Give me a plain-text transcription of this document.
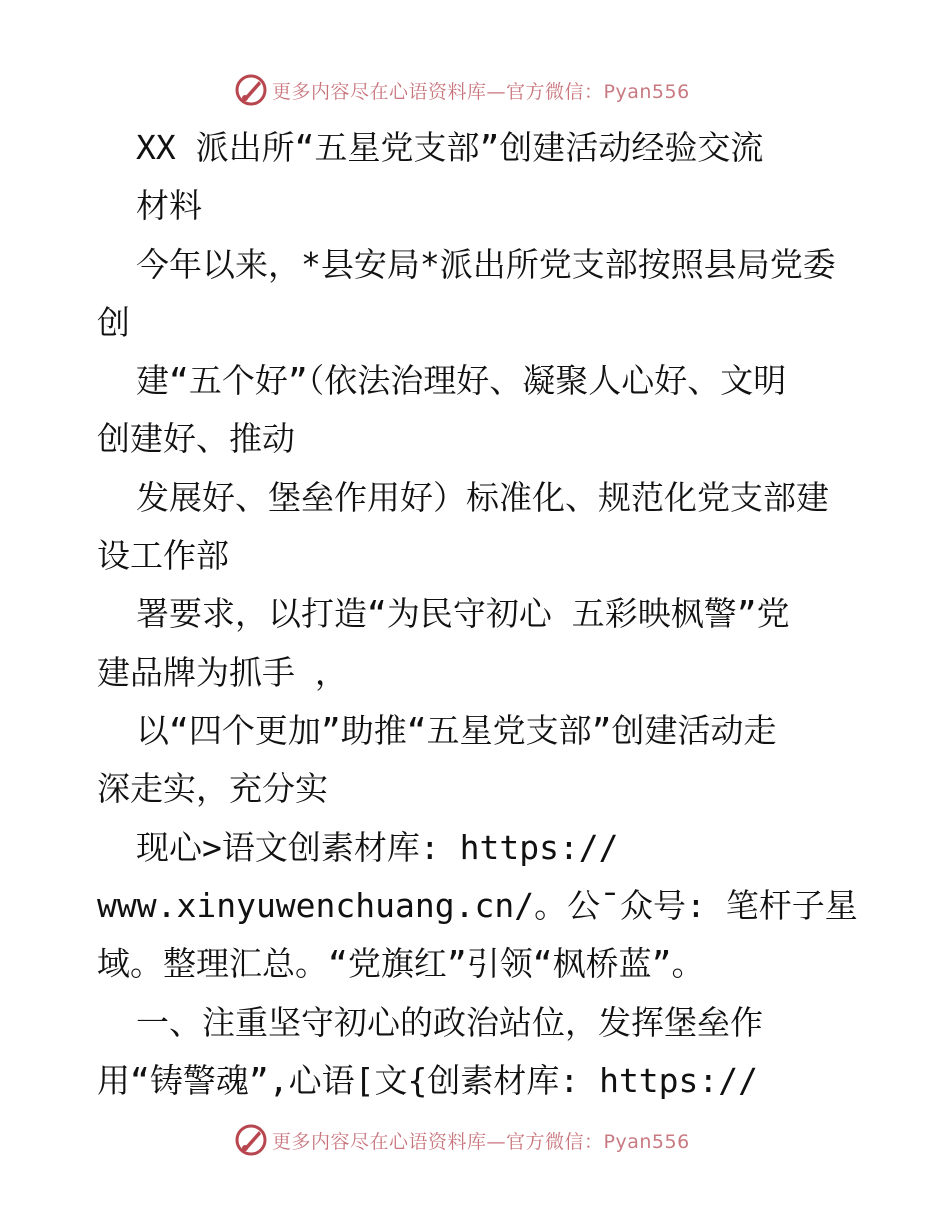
更多内容尽在心语资料库—官方微信：Pyan556
XX 派出所“五星党支部”创建活动经验交流
材料
今年以来，*县安局*派出所党支部按照县局党委
创
建“五个好”（依法治理好、凝聚人心好、文明
创建好、推动
发展好、堡垒作用好）标准化、规范化党支部建
设工作部
署要求，以打造“为民守初心 五彩映枫警”党
建品牌为抓手 ，
以“四个更加”助推“五星党支部”创建活动走
深走实，充分实
现心>语文创素材库: https://
www.xinyuwenchuang.cn/。公¯众号: 笔杆子星
域。整理汇总。“党旗红”引领“枫桥蓝”。
一、注重坚守初心的政治站位，发挥堡垒作
用“铸警魂”,心语[文{创素材库: https://
更多内容尽在心语资料库—官方微信：Pyan556
